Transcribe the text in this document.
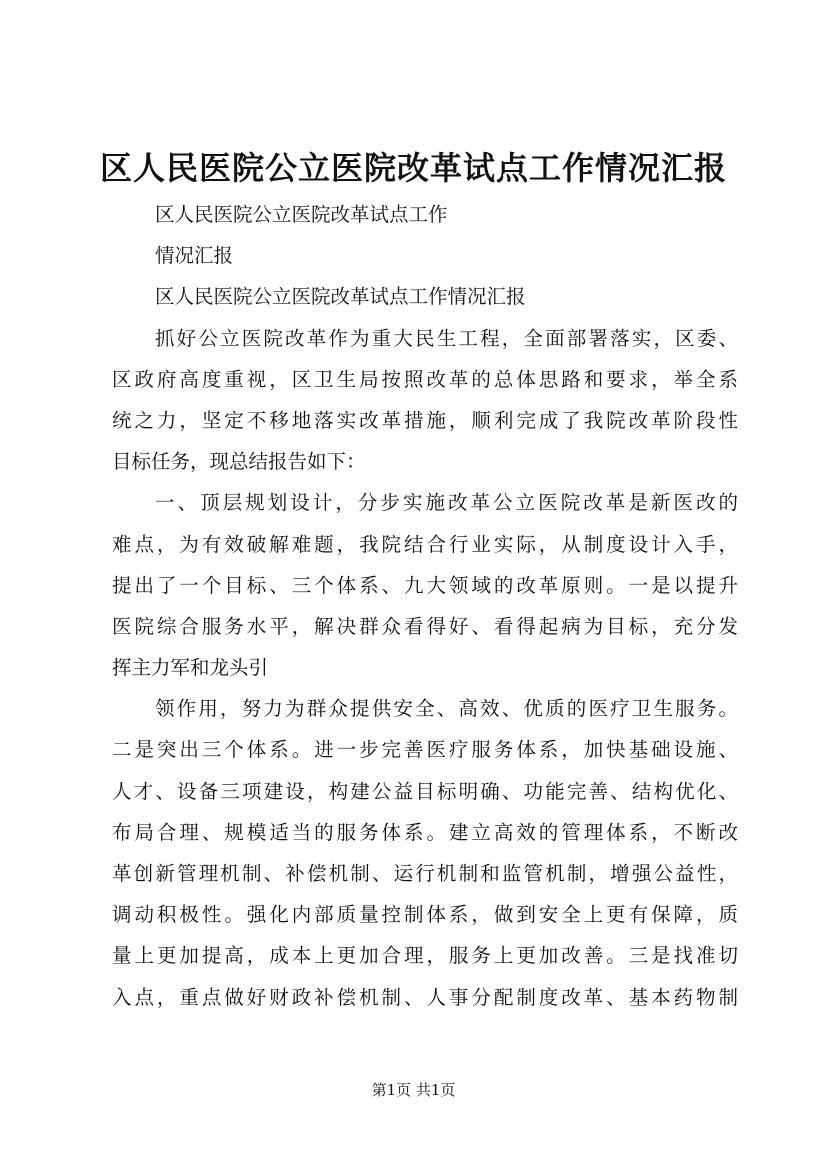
区人民医院公立医院改革试点工作情况汇报
区人民医院公立医院改革试点工作
情况汇报
区人民医院公立医院改革试点工作情况汇报
抓好公立医院改革作为重大民生工程，全面部署落实，区委、
区政府高度重视，区卫生局按照改革的总体思路和要求，举全系
统之力，坚定不移地落实改革措施，顺利完成了我院改革阶段性
目标任务，现总结报告如下：
一、顶层规划设计，分步实施改革公立医院改革是新医改的
难点，为有效破解难题，我院结合行业实际，从制度设计入手，
提出了一个目标、三个体系、九大领域的改革原则。一是以提升
医院综合服务水平，解决群众看得好、看得起病为目标，充分发
挥主力军和龙头引
领作用，努力为群众提供安全、高效、优质的医疗卫生服务。
二是突出三个体系。进一步完善医疗服务体系，加快基础设施、
人才、设备三项建设，构建公益目标明确、功能完善、结构优化、
布局合理、规模适当的服务体系。建立高效的管理体系，不断改
革创新管理机制、补偿机制、运行机制和监管机制，增强公益性，
调动积极性。强化内部质量控制体系，做到安全上更有保障，质
量上更加提高，成本上更加合理，服务上更加改善。三是找准切
入点，重点做好财政补偿机制、人事分配制度改革、基本药物制
第1页 共1页
